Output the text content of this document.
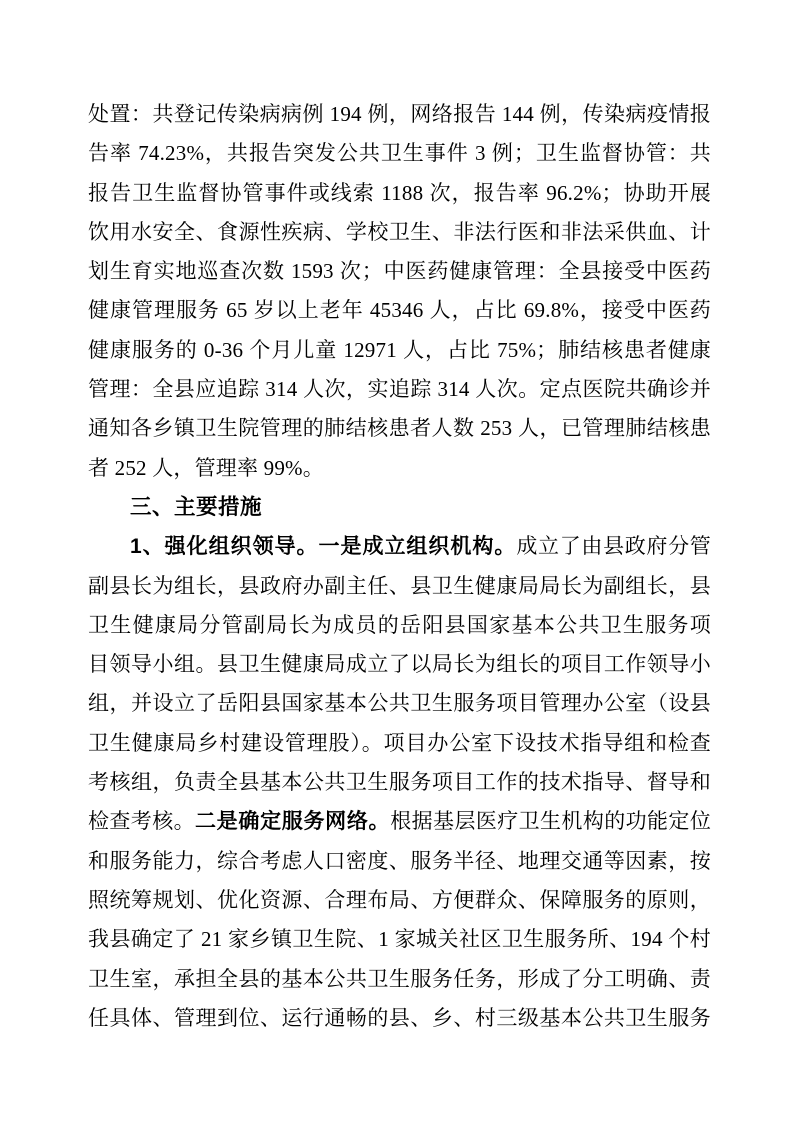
处置：共登记传染病病例 194 例，网络报告 144 例，传染病疫情报
告率 74.23%，共报告突发公共卫生事件 3 例；卫生监督协管：共
报告卫生监督协管事件或线索 1188 次，报告率 96.2%；协助开展
饮用水安全、食源性疾病、学校卫生、非法行医和非法采供血、计
划生育实地巡查次数 1593 次；中医药健康管理：全县接受中医药
健康管理服务 65 岁以上老年 45346 人，占比 69.8%，接受中医药
健康服务的 0-36 个月儿童 12971 人，占比 75%；肺结核患者健康
管理：全县应追踪 314 人次，实追踪 314 人次。定点医院共确诊并
通知各乡镇卫生院管理的肺结核患者人数 253 人，已管理肺结核患
者 252 人，管理率 99%。
三、主要措施
1、强化组织领导。一是成立组织机构。成立了由县政府分管
副县长为组长，县政府办副主任、县卫生健康局局长为副组长，县
卫生健康局分管副局长为成员的岳阳县国家基本公共卫生服务项
目领导小组。县卫生健康局成立了以局长为组长的项目工作领导小
组，并设立了岳阳县国家基本公共卫生服务项目管理办公室（设县
卫生健康局乡村建设管理股）。项目办公室下设技术指导组和检查
考核组，负责全县基本公共卫生服务项目工作的技术指导、督导和
检查考核。二是确定服务网络。根据基层医疗卫生机构的功能定位
和服务能力，综合考虑人口密度、服务半径、地理交通等因素，按
照统筹规划、优化资源、合理布局、方便群众、保障服务的原则，
我县确定了 21 家乡镇卫生院、1 家城关社区卫生服务所、194 个村
卫生室，承担全县的基本公共卫生服务任务，形成了分工明确、责
任具体、管理到位、运行通畅的县、乡、村三级基本公共卫生服务
